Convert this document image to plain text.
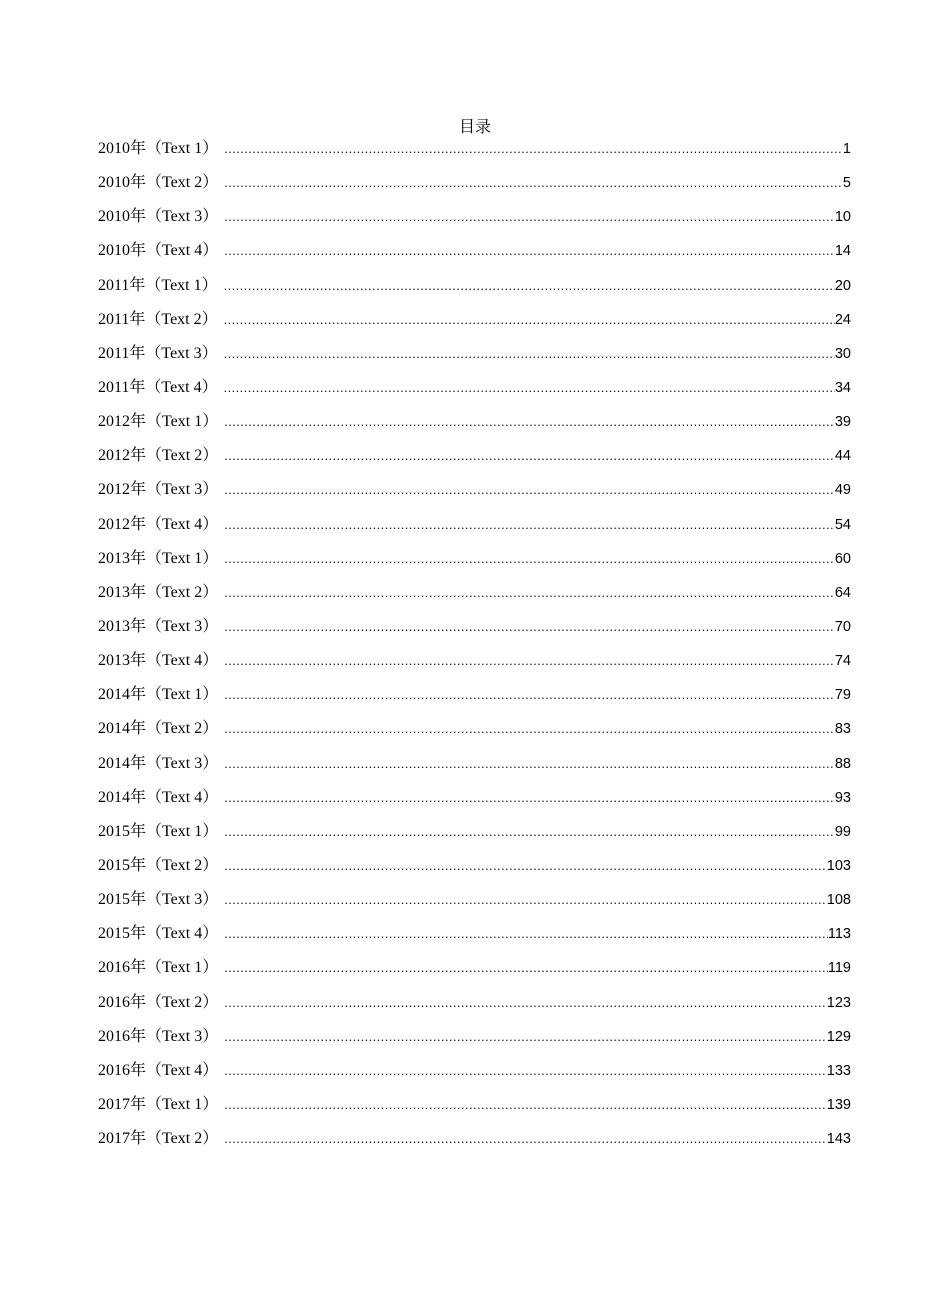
目录
2010年（Text 1） .....	1
2010年（Text 2） .....	5
2010年（Text 3） .....	10
2010年（Text 4） .....	14
2011年（Text 1） .....	20
2011年（Text 2） .....	24
2011年（Text 3） .....	30
2011年（Text 4） .....	34
2012年（Text 1） .....	39
2012年（Text 2） .....	44
2012年（Text 3） .....	49
2012年（Text 4） .....	54
2013年（Text 1） .....	60
2013年（Text 2） .....	64
2013年（Text 3） .....	70
2013年（Text 4） .....	74
2014年（Text 1） .....	79
2014年（Text 2） .....	83
2014年（Text 3） .....	88
2014年（Text 4） .....	93
2015年（Text 1） .....	99
2015年（Text 2） .....	103
2015年（Text 3） .....	108
2015年（Text 4） .....	113
2016年（Text 1） .....	119
2016年（Text 2） .....	123
2016年（Text 3） .....	129
2016年（Text 4） .....	133
2017年（Text 1） .....	139
2017年（Text 2） .....	143
